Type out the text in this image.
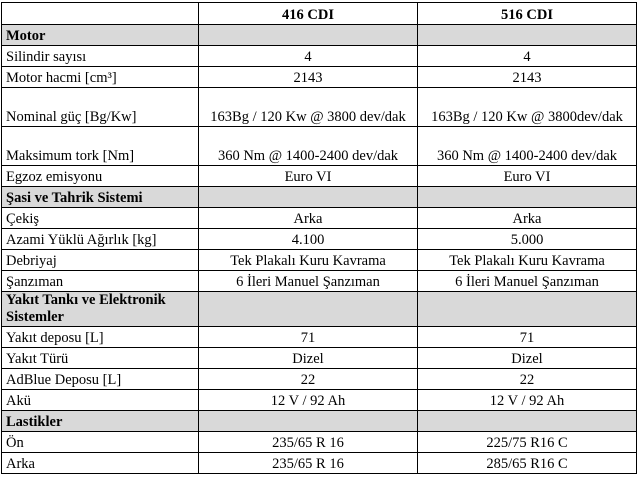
	416 CDI	516 CDI
Motor		
Silindir sayısı	4	4
Motor hacmi [cm³]	2143	2143
Nominal güç [Bg/Kw]	163Bg / 120 Kw @ 3800 dev/dak	163Bg / 120 Kw @ 3800dev/dak
Maksimum tork [Nm]	360 Nm @ 1400-2400 dev/dak	360 Nm @ 1400-2400 dev/dak
Egzoz emisyonu	Euro VI	Euro VI
Şasi ve Tahrik Sistemi		
Çekiş	Arka	Arka
Azami Yüklü Ağırlık [kg]	4.100	5.000
Debriyaj	Tek Plakalı Kuru Kavrama	Tek Plakalı Kuru Kavrama
Şanzıman	6 İleri Manuel Şanzıman	6 İleri Manuel Şanzıman
Yakıt Tankı ve Elektronik Sistemler		
Yakıt deposu [L]	71	71
Yakıt Türü	Dizel	Dizel
AdBlue Deposu [L]	22	22
Akü	12 V / 92 Ah	12 V / 92 Ah
Lastikler		
Ön	235/65 R 16	225/75 R16 C
Arka	235/65 R 16	285/65 R16 C
